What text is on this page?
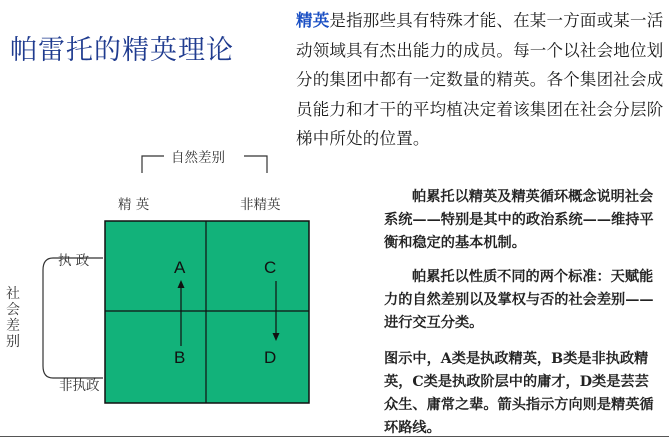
帕雷托的精英理论
精英是指那些具有特殊才能、在某一方面或某一活动领域具有杰出能力的成员。每一个以社会地位划分的集团中都有一定数量的精英。各个集团社会成员能力和才干的平均植决定着该集团在社会分层阶梯中所处的位置。
自然差别
精 英	非精英
社会差别
执 政
非执政
A	C
B	D
帕累托以精英及精英循环概念说明社会系统——特别是其中的政治系统——维持平衡和稳定的基本机制。
帕累托以性质不同的两个标准：天赋能力的自然差别以及掌权与否的社会差别——进行交互分类。
图示中，A类是执政精英，B类是非执政精英，C类是执政阶层中的庸才，D类是芸芸众生、庸常之辈。箭头指示方向则是精英循环路线。
